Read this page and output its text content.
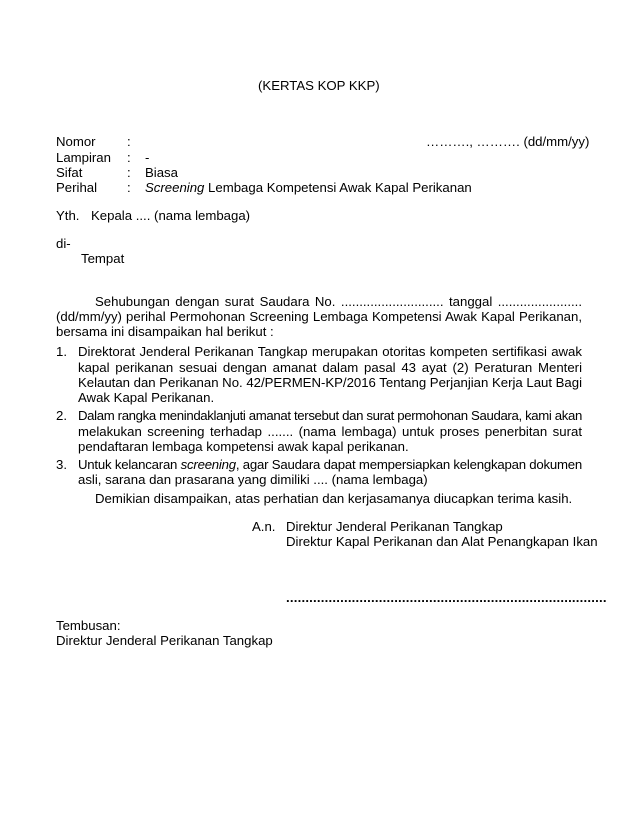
(KERTAS KOP KKP)
Nomor :	………., ………. (dd/mm/yy)
Lampiran : -
Sifat	: Biasa
Perihal : Screening Lembaga Kompetensi Awak Kapal Perikanan
Yth. Kepala .... (nama lembaga)
di-
Tempat
Sehubungan dengan surat Saudara No. ............................ tanggal .......................
(dd/mm/yy) perihal Permohonan Screening Lembaga Kompetensi Awak Kapal Perikanan,
bersama ini disampaikan hal berikut :
1. Direktorat Jenderal Perikanan Tangkap merupakan otoritas kompeten sertifikasi awak
kapal perikanan sesuai dengan amanat dalam pasal 43 ayat (2) Peraturan Menteri
Kelautan dan Perikanan No. 42/PERMEN-KP/2016 Tentang Perjanjian Kerja Laut Bagi
Awak Kapal Perikanan.
2. Dalam rangka menindaklanjuti amanat tersebut dan surat permohonan Saudara, kami akan
melakukan screening terhadap ....... (nama lembaga) untuk proses penerbitan surat
pendaftaran lembaga kompetensi awak kapal perikanan.
3. Untuk kelancaran screening, agar Saudara dapat mempersiapkan kelengkapan dokumen
asli, sarana dan prasarana yang dimiliki .... (nama lembaga)
Demikian disampaikan, atas perhatian dan kerjasamanya diucapkan terima kasih.
A.n. Direktur Jenderal Perikanan Tangkap
Direktur Kapal Perikanan dan Alat Penangkapan Ikan
...................................................................................
Tembusan:
Direktur Jenderal Perikanan Tangkap
